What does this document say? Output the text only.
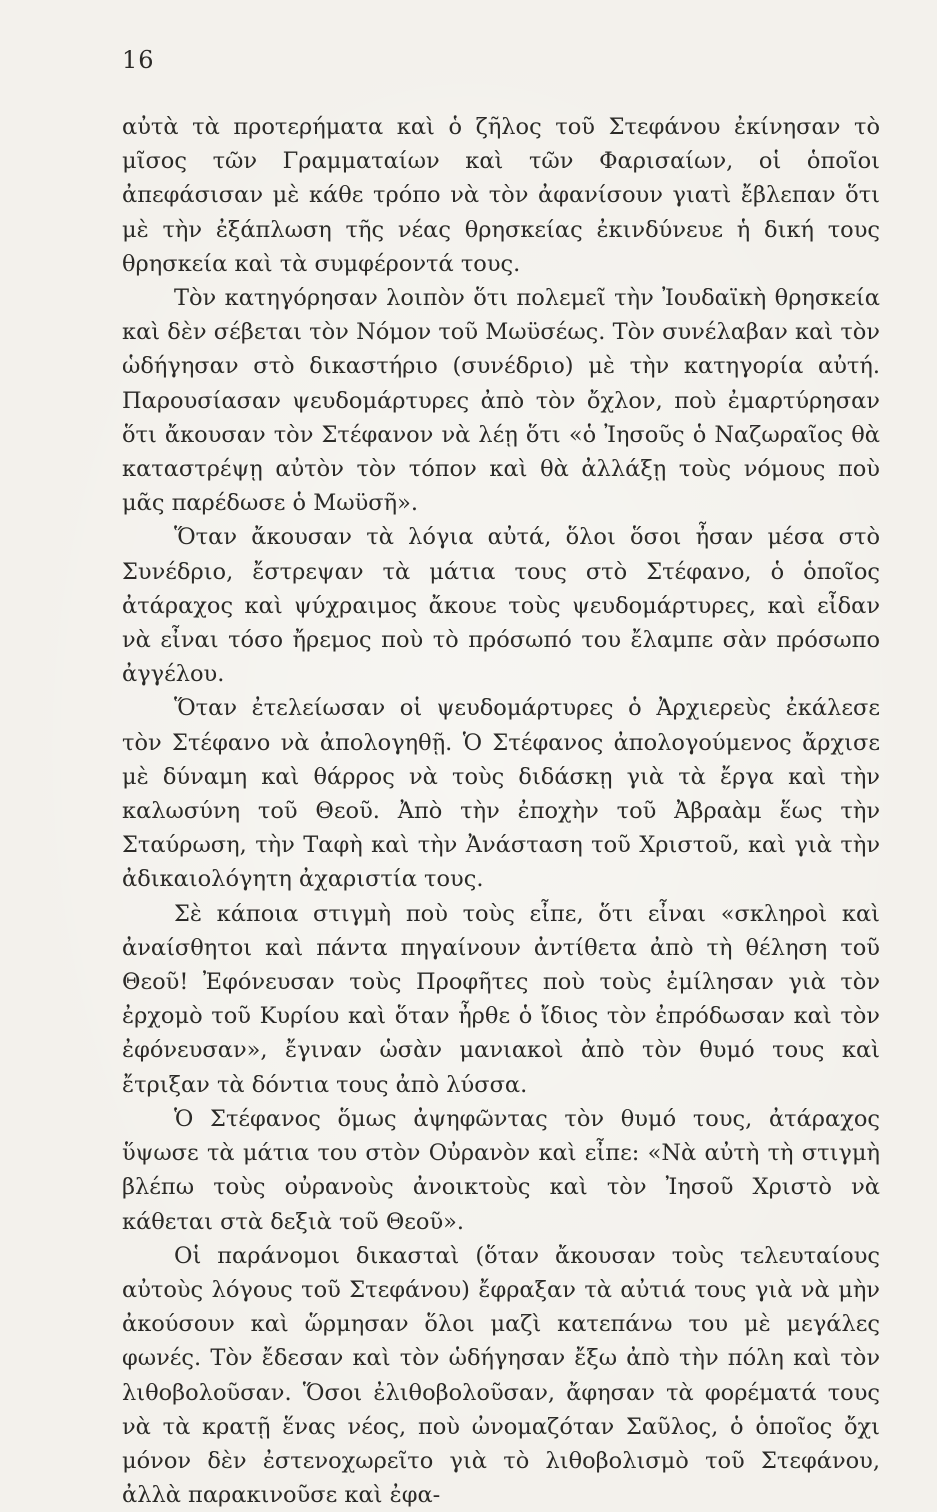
16

αὐτὰ τὰ προτερήματα καὶ ὁ ζῆλος τοῦ Στεφάνου ἐκίνησαν τὸ μῖσος τῶν Γραμματαίων καὶ τῶν Φαρισαίων, οἱ ὁποῖοι ἀπεφάσισαν μὲ κάθε τρόπο νὰ τὸν ἀφανίσουν γιατὶ ἔβλεπαν ὅτι μὲ τὴν ἐξάπλωση τῆς νέας θρησκείας ἐκινδύνευε ἡ δική τους θρησκεία καὶ τὰ συμφέροντά τους.

Τὸν κατηγόρησαν λοιπὸν ὅτι πολεμεῖ τὴν Ἰουδαϊκὴ θρησκεία καὶ δὲν σέβεται τὸν Νόμον τοῦ Μωϋσέως. Τὸν συνέλαβαν καὶ τὸν ὡδήγησαν στὸ δικαστήριο (συνέδριο) μὲ τὴν κατηγορία αὐτή. Παρουσίασαν ψευδομάρτυρες ἀπὸ τὸν ὄχλον, ποὺ ἐμαρτύρησαν ὅτι ἄκουσαν τὸν Στέφανον νὰ λέῃ ὅτι «ὁ Ἰησοῦς ὁ Ναζωραῖος θὰ καταστρέψῃ αὐτὸν τὸν τόπον καὶ θὰ ἀλλάξῃ τοὺς νόμους ποὺ μᾶς παρέδωσε ὁ Μωϋσῆ».

Ὅταν ἄκουσαν τὰ λόγια αὐτά, ὅλοι ὅσοι ἦσαν μέσα στὸ Συνέδριο, ἔστρεψαν τὰ μάτια τους στὸ Στέφανο, ὁ ὁποῖος ἀτάραχος καὶ ψύχραιμος ἄκουε τοὺς ψευδομάρτυρες, καὶ εἶδαν νὰ εἶναι τόσο ἤρεμος ποὺ τὸ πρόσωπό του ἔλαμπε σὰν πρόσωπο ἀγγέλου.

Ὅταν ἐτελείωσαν οἱ ψευδομάρτυρες ὁ Ἀρχιερεὺς ἐκάλεσε τὸν Στέφανο νὰ ἀπολογηθῇ. Ὁ Στέφανος ἀπολογούμενος ἄρχισε μὲ δύναμη καὶ θάρρος νὰ τοὺς διδάσκῃ γιὰ τὰ ἔργα καὶ τὴν καλωσύνη τοῦ Θεοῦ. Ἀπὸ τὴν ἐποχὴν τοῦ Ἀβραὰμ ἕως τὴν Σταύρωση, τὴν Ταφὴ καὶ τὴν Ἀνάσταση τοῦ Χριστοῦ, καὶ γιὰ τὴν ἀδικαιολόγητη ἀχαριστία τους.

Σὲ κάποια στιγμὴ ποὺ τοὺς εἶπε, ὅτι εἶναι «σκληροὶ καὶ ἀναίσθητοι καὶ πάντα πηγαίνουν ἀντίθετα ἀπὸ τὴ θέληση τοῦ Θεοῦ! Ἐφόνευσαν τοὺς Προφῆτες ποὺ τοὺς ἐμίλησαν γιὰ τὸν ἐρχομὸ τοῦ Κυρίου καὶ ὅταν ἦρθε ὁ ἴδιος τὸν ἐπρόδωσαν καὶ τὸν ἐφόνευσαν», ἔγιναν ὡσὰν μανιακοὶ ἀπὸ τὸν θυμό τους καὶ ἔτριξαν τὰ δόντια τους ἀπὸ λύσσα.

Ὁ Στέφανος ὅμως ἀψηφῶντας τὸν θυμό τους, ἀτάραχος ὕψωσε τὰ μάτια του στὸν Οὐρανὸν καὶ εἶπε: «Νὰ αὐτὴ τὴ στιγμὴ βλέπω τοὺς οὐρανοὺς ἀνοικτοὺς καὶ τὸν Ἰησοῦ Χριστὸ νὰ κάθεται στὰ δεξιὰ τοῦ Θεοῦ».

Οἱ παράνομοι δικασταὶ (ὅταν ἄκουσαν τοὺς τελευταίους αὐτοὺς λόγους τοῦ Στεφάνου) ἔφραξαν τὰ αὐτιά τους γιὰ νὰ μὴν ἀκούσουν καὶ ὥρμησαν ὅλοι μαζὶ κατεπάνω του μὲ μεγάλες φωνές. Τὸν ἔδεσαν καὶ τὸν ὡδήγησαν ἔξω ἀπὸ τὴν πόλη καὶ τὸν λιθοβολοῦσαν. Ὅσοι ἐλιθοβολοῦσαν, ἄφησαν τὰ φορέματά τους νὰ τὰ κρατῇ ἕνας νέος, ποὺ ὠνομαζόταν Σαῦλος, ὁ ὁποῖος ὄχι μόνον δὲν ἐστενοχωρεῖτο γιὰ τὸ λιθοβολισμὸ τοῦ Στεφάνου, ἀλλὰ παρακινοῦσε καὶ ἐφα-
